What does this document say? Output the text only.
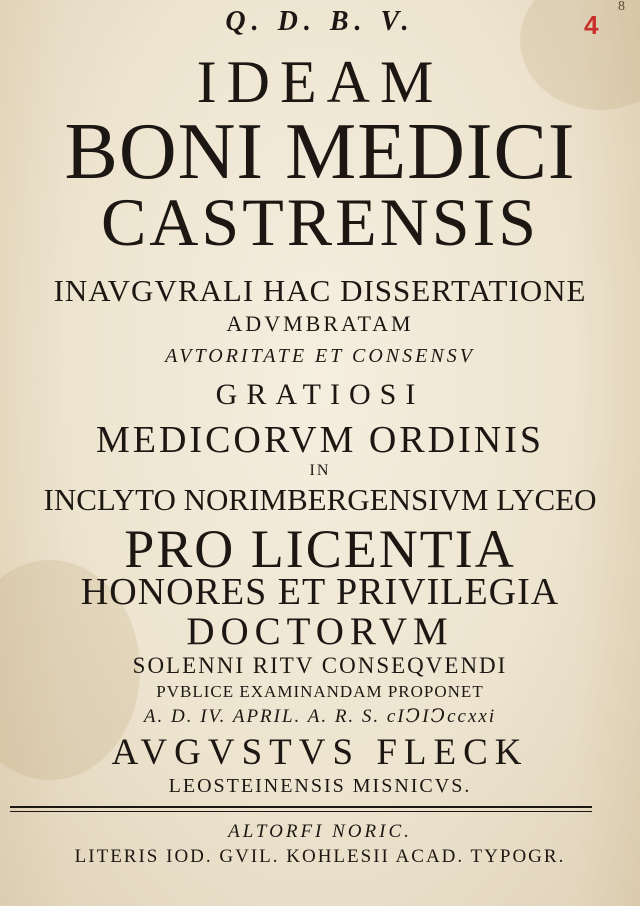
8
4
Q. D. B. V.
IDEAM
BONI MEDICI
CASTRENSIS
INAVGVRALI HAC DISSERTATIONE
ADVMBRATAM
AVTORITATE ET CONSENSV
GRATIOSI
MEDICORVM ORDINIS
IN
INCLYTO NORIMBERGENSIVM LYCEO
PRO LICENTIA
HONORES ET PRIVILEGIA
DOCTORVM
SOLENNI RITV CONSEQVENDI
PVBLICE EXAMINANDAM PROPONET
A. D. IV. APRIL. A. R. S. cIↃIↃccxxi
AVGVSTVS FLECK
LEOSTEINENSIS MISNICVS.
ALTORFI NORIC.
LITERIS IOD. GVIL. KOHLESII ACAD. TYPOGR.
